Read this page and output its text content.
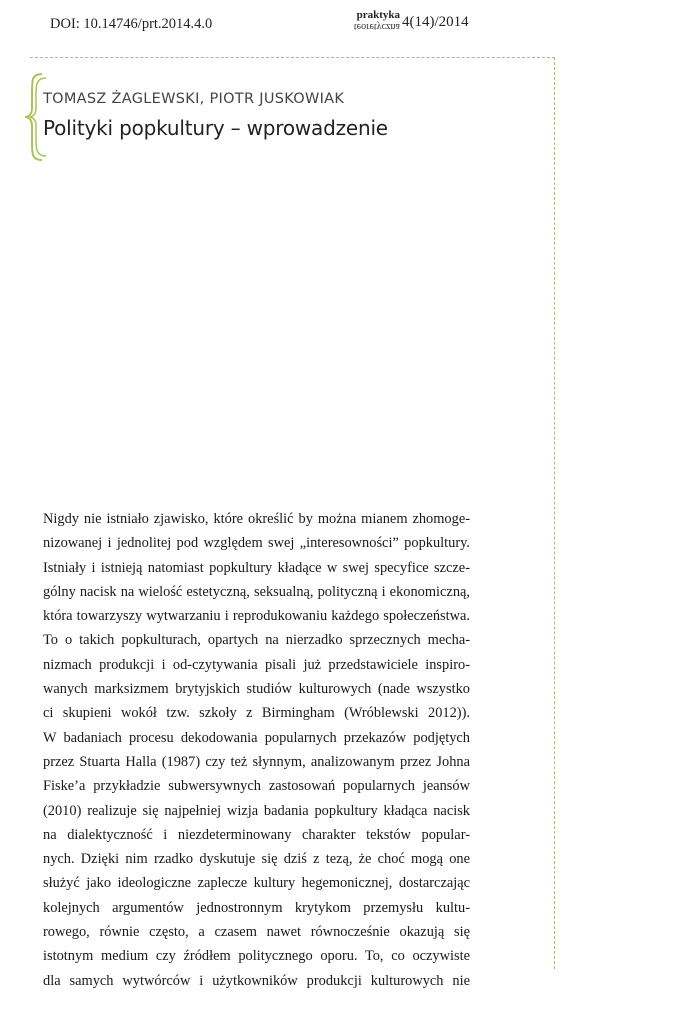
DOI: 10.14746/prt.2014.4.0
praktyka
teoretyczna 4(14)/2014
TOMASZ ŻAGLEWSKI, PIOTR JUSKOWIAK
Polityki popkultury – wprowadzenie
Nigdy nie istniało zjawisko, które określić by można mianem zhomoge-
nizowanej i jednolitej pod względem swej „interesowności” popkultury.
Istniały i istnieją natomiast popkultury kładące w swej specyfice szcze-
gólny nacisk na wielość estetyczną, seksualną, polityczną i ekonomiczną,
która towarzyszy wytwarzaniu i reprodukowaniu każdego społeczeństwa.
To o takich popkulturach, opartych na nierzadko sprzecznych mecha-
nizmach produkcji i od-czytywania pisali już przedstawiciele inspiro-
wanych marksizmem brytyjskich studiów kulturowych (nade wszystko
ci skupieni wokół tzw. szkoły z Birmingham (Wróblewski 2012)).
W badaniach procesu dekodowania popularnych przekazów podjętych
przez Stuarta Halla (1987) czy też słynnym, analizowanym przez Johna
Fiske’a przykładzie subwersywnych zastosowań popularnych jeansów
(2010) realizuje się najpełniej wizja badania popkultury kładąca nacisk
na dialektyczność i niezdeterminowany charakter tekstów popular-
nych. Dzięki nim rzadko dyskutuje się dziś z tezą, że choć mogą one
służyć jako ideologiczne zaplecze kultury hegemonicznej, dostarczając
kolejnych argumentów jednostronnym krytykom przemysłu kultu-
rowego, równie często, a czasem nawet równocześnie okazują się
istotnym medium czy źródłem politycznego oporu. To, co oczywiste
dla samych wytwórców i użytkowników produkcji kulturowych nie
